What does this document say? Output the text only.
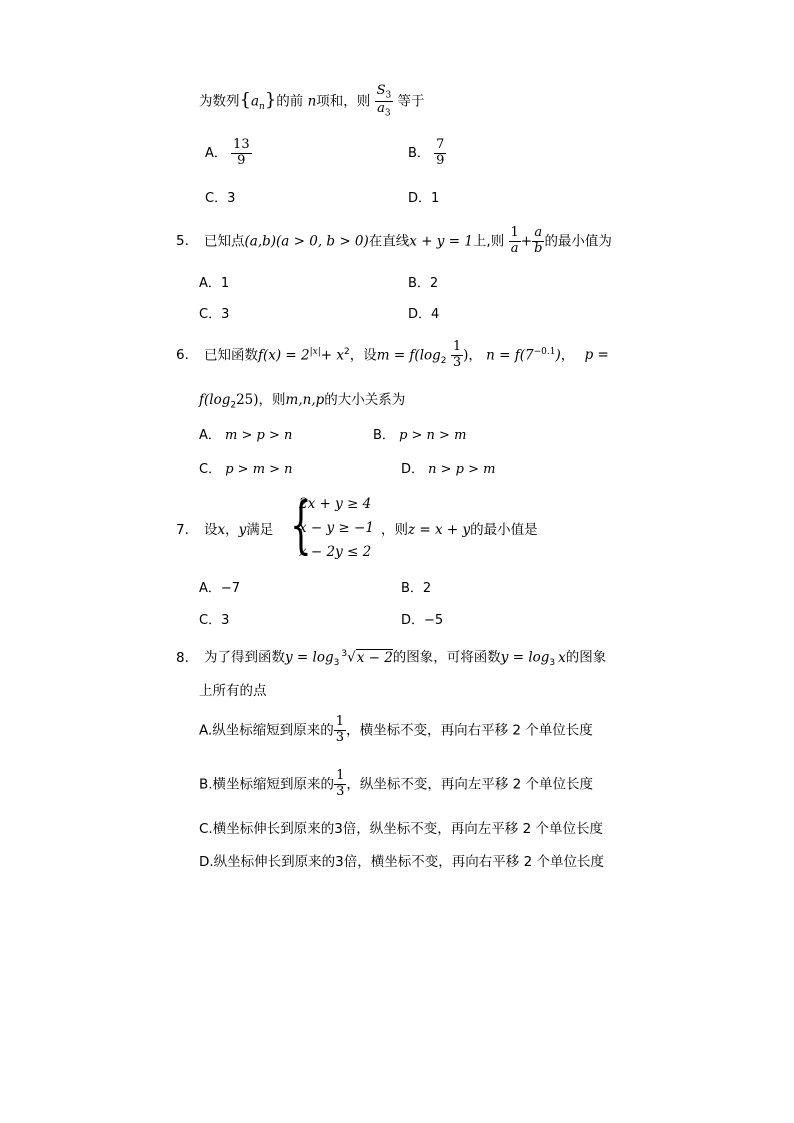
为数列$\{a_n\}$的前 n项和，则 $\frac{S_3}{a_3}$ 等于
A． $\frac{13}{9}$	B． $\frac{7}{9}$
C．3	D．1
5. 已知点(a,b)(a > 0, b > 0)在直线x + y = 1上,则 $\frac{1}{a} + \frac{a}{b}$ 的最小值为
A．1	B．2
C．3	D．4
6. 已知函数$f(x) = 2^{|x|}+ x^2$，设$m = f(\log_2 \frac{1}{3}$ )， $n = f(7^{-0.1})$， p =
$f(\log_225)$，则m,n,p的大小关系为
A． m > p > n	B． p > n > m
C． p > m > n	D． n > p > m
7. 设x，y满足 {
2x + y ≥ 4
x − y ≥ −1
x − 2y ≤ 2
，则z = x + y的最小值是
A．−7	B．2
C．3	D．−5
8. 为了得到函数$y = \log_3^3√x - 2$的图象，可将函数$y = \log_3 x$的图象
上所有的点
A.纵坐标缩短到原来的 $\frac{1}{3}$ ，横坐标不变，再向右平移 2 个单位长度
B.横坐标缩短到原来的 $\frac{1}{3}$ ，纵坐标不变，再向左平移 2 个单位长度
C.横坐标伸长到原来的3倍，纵坐标不变，再向左平移 2 个单位长度
D.纵坐标伸长到原来的3倍，横坐标不变，再向右平移 2 个单位长度
